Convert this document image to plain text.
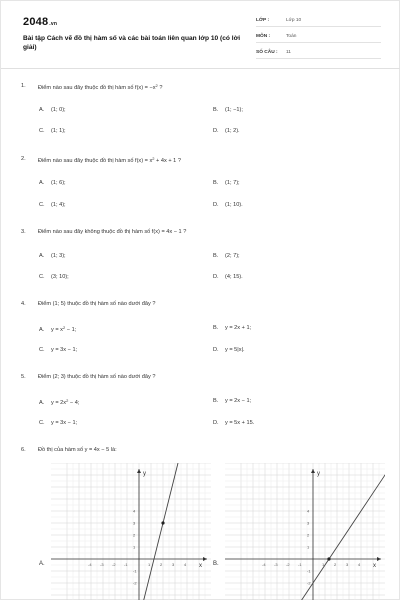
2048.vn
Bài tập Cách vẽ đồ thị hàm số và các bài toán liên quan lớp 10 (có lời giải)
LỚP :	Lớp 10
MÔN :	Toán
SỐ CÂU : 11
1. Điểm nào sau đây thuộc đồ thị hàm số $f(x) = -x^2$ ?
A. (1; 0);	B. (1; −1);
C. (1; 1);	D. (1; 2).
2. Điểm nào sau đây thuộc đồ thị hàm số $f(x) = x^2 + 4x + 1$ ?
A. (1; 6);	B. (1; 7);
C. (1; 4);	D. (1; 10).
3. Điểm nào sau đây không thuộc đồ thị hàm số f(x) = 4x − 1 ?
A. (1; 3);	B. (2; 7);
C. (3; 10);	D. (4; 15).
4. Điểm (1; 5) thuộc đồ thị hàm số nào dưới đây ?
A. $y = x^2 - 1$;	B. y = 2x + 1;
C. y = 3x − 1;	D. y = 5|x|.
5. Điểm (2; 3) thuộc đồ thị hàm số nào dưới đây ?
A. $y = 2x^2 - 4$;	B. y = 2x − 1;
C. y = 3x − 1;	D. y = 5x + 15.
6. Đồ thị của hàm số y = 4x − 5 là:
A.	x
y
-4 -3 -2 -1	1 2 3 4
4
3
2
1
-1
-2
B.	x
y
-4 -3 -2 -1	1 2 3 4
4
3
2
1
-1
-2
